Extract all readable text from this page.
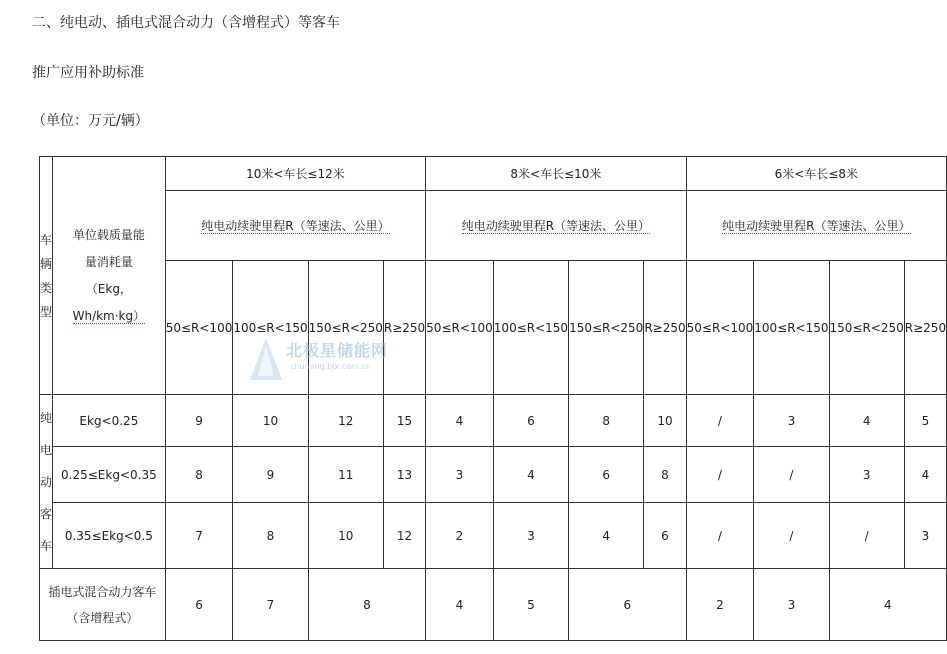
二、纯电动、插电式混合动力（含增程式）等客车
推广应用补助标准
（单位：万元/辆）
车
辆
类
型	单位载质量能
量消耗量
（Ekg，
Wh/km·kg）	10米<车长≤12米				8米<车长≤10米				6米<车长≤8米			
		纯电动续驶里程R（等速法、公里）				纯电动续驶里程R（等速法、公里）				纯电动续驶里程R（等速法、公里）			
		50≤R<100	100≤R<150	150≤R<250	R≥250	50≤R<100	100≤R<150	150≤R<250	R≥250	50≤R<100	100≤R<150	150≤R<250	R≥250
纯
电
动
客
车	Ekg<0.25	9	10	12	15	4	6	8	10	/	3	4	5
	0.25≤Ekg<0.35	8	9	11	13	3	4	6	8	/	/	3	4
	0.35≤Ekg<0.5	7	8	10	12	2	3	4	6	/	/	/	3
插电式混合动力客车（含增程式）		6	7	8		4	5	6		2	3	4	
北极星储能网
chuneng.bjx.com.cn
